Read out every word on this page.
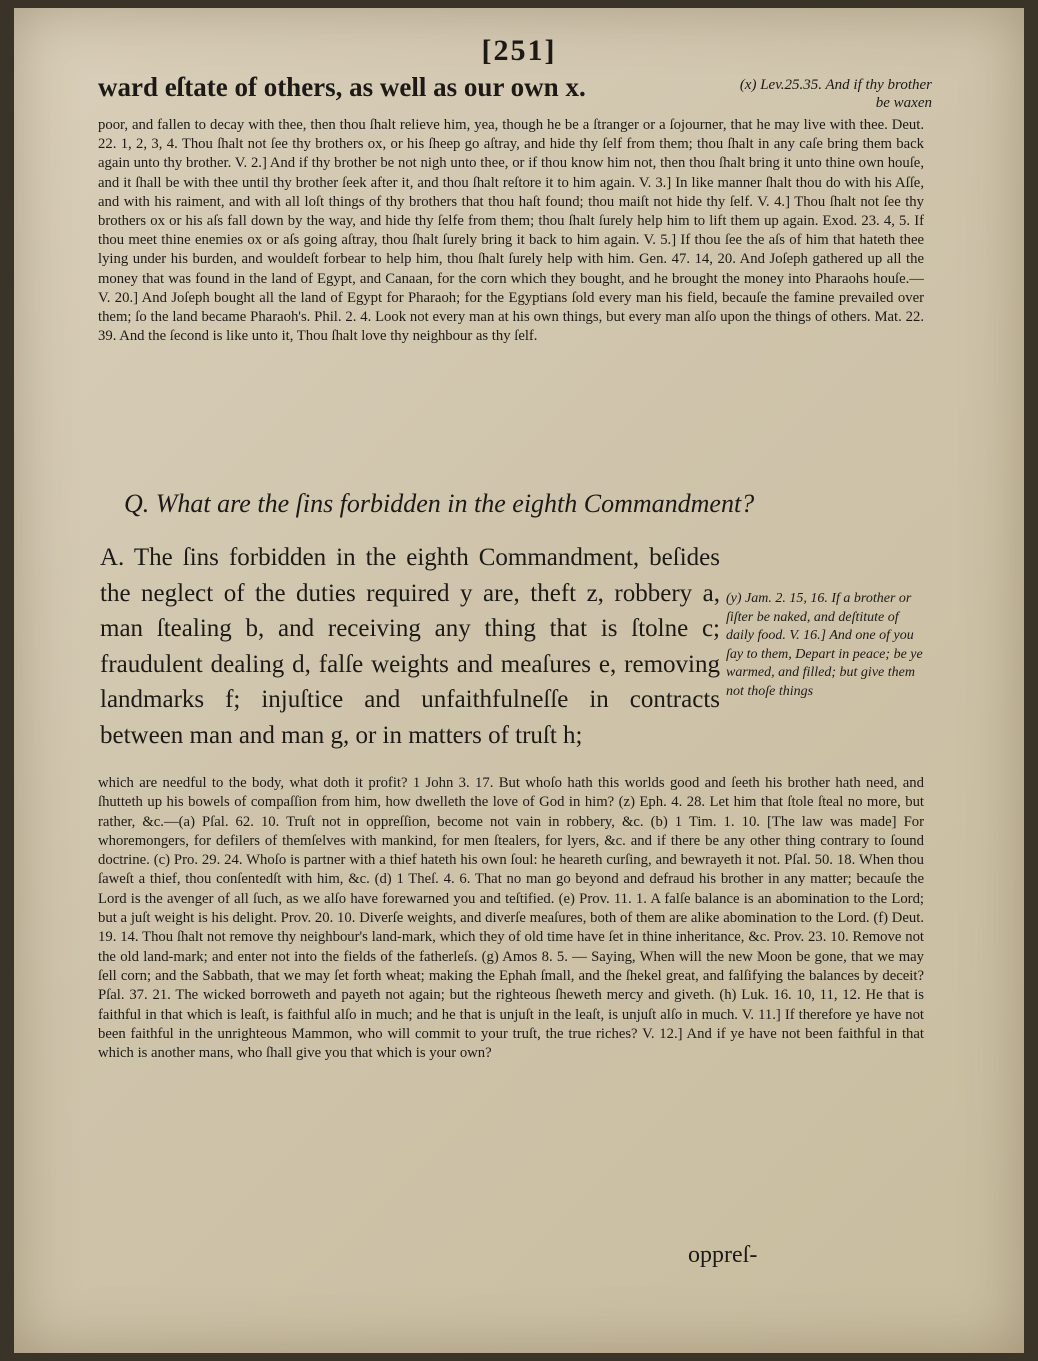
[251]
ward eſtate of others, as well as our own x.	(x) Lev.25.35. And if thy brother be waxen
poor, and fallen to decay with thee, then thou ſhalt relieve him, yea, though he be a ſtranger or a ſojourner, that he may live with thee. Deut. 22. 1, 2, 3, 4. Thou ſhalt not ſee thy brothers ox, or his ſheep go aſtray, and hide thy ſelf from them; thou ſhalt in any caſe bring them back again unto thy brother. V. 2.] And if thy brother be not nigh unto thee, or if thou know him not, then thou ſhalt bring it unto thine own houſe, and it ſhall be with thee until thy brother ſeek after it, and thou ſhalt reſtore it to him again. V. 3.] In like manner ſhalt thou do with his Aſſe, and with his raiment, and with all loſt things of thy brothers that thou haſt found; thou maiſt not hide thy ſelf. V. 4.] Thou ſhalt not ſee thy brothers ox or his aſs fall down by the way, and hide thy ſelfe from them; thou ſhalt ſurely help him to lift them up again. Exod. 23. 4, 5. If thou meet thine enemies ox or aſs going aſtray, thou ſhalt ſurely bring it back to him again. V. 5.] If thou ſee the aſs of him that hateth thee lying under his burden, and wouldeſt forbear to help him, thou ſhalt ſurely help with him. Gen. 47. 14, 20. And Joſeph gathered up all the money that was found in the land of Egypt, and Canaan, for the corn which they bought, and he brought the money into Pharaohs houſe.— V. 20.] And Joſeph bought all the land of Egypt for Pharaoh; for the Egyptians ſold every man his field, becauſe the famine prevailed over them; ſo the land became Pharaoh's. Phil. 2. 4. Look not every man at his own things, but every man alſo upon the things of others. Mat. 22. 39. And the ſecond is like unto it, Thou ſhalt love thy neighbour as thy ſelf.
Q. What are the ſins forbidden in the eighth Commandment?
A. The ſins forbidden in the eighth Commandment, beſides the neglect of the duties required y are, theft z, robbery a, man ſtealing b, and receiving any thing that is ſtolne c; fraudulent dealing d, falſe weights and meaſures e, removing landmarks f; injuſtice and unfaithfulneſſe in contracts between man and man g, or in matters of truſt h;
(y) Jam. 2. 15, 16. If a brother or ſiſter be naked, and deſtitute of daily food. V. 16.] And one of you ſay to them, Depart in peace; be ye warmed, and filled; but give them not thoſe things
which are needful to the body, what doth it profit? 1 John 3. 17. But whoſo hath this worlds good and ſeeth his brother hath need, and ſhutteth up his bowels of compaſſion from him, how dwelleth the love of God in him? (z) Eph. 4. 28. Let him that ſtole ſteal no more, but rather, &c.—(a) Pſal. 62. 10. Truſt not in oppreſſion, become not vain in robbery, &c. (b) 1 Tim. 1. 10. [The law was made] For whoremongers, for defilers of themſelves with mankind, for men ſtealers, for lyers, &c. and if there be any other thing contrary to ſound doctrine. (c) Pro. 29. 24. Whoſo is partner with a thief hateth his own ſoul: he heareth curſing, and bewrayeth it not. Pſal. 50. 18. When thou ſaweſt a thief, thou conſentedſt with him, &c. (d) 1 Theſ. 4. 6. That no man go beyond and defraud his brother in any matter; becauſe the Lord is the avenger of all ſuch, as we alſo have forewarned you and teſtified. (e) Prov. 11. 1. A falſe balance is an abomination to the Lord; but a juſt weight is his delight. Prov. 20. 10. Diverſe weights, and diverſe meaſures, both of them are alike abomination to the Lord. (f) Deut. 19. 14. Thou ſhalt not remove thy neighbour's land-mark, which they of old time have ſet in thine inheritance, &c. Prov. 23. 10. Remove not the old land-mark; and enter not into the fields of the fatherleſs. (g) Amos 8. 5. — Saying, When will the new Moon be gone, that we may ſell corn; and the Sabbath, that we may ſet forth wheat; making the Ephah ſmall, and the ſhekel great, and falſifying the balances by deceit? Pſal. 37. 21. The wicked borroweth and payeth not again; but the righteous ſheweth mercy and giveth. (h) Luk. 16. 10, 11, 12. He that is faithful in that which is leaſt, is faithful alſo in much; and he that is unjuſt in the leaſt, is unjuſt alſo in much. V. 11.] If therefore ye have not been faithful in the unrighteous Mammon, who will commit to your truſt, the true riches? V. 12.] And if ye have not been faithful in that which is another mans, who ſhall give you that which is your own?
oppreſ-
